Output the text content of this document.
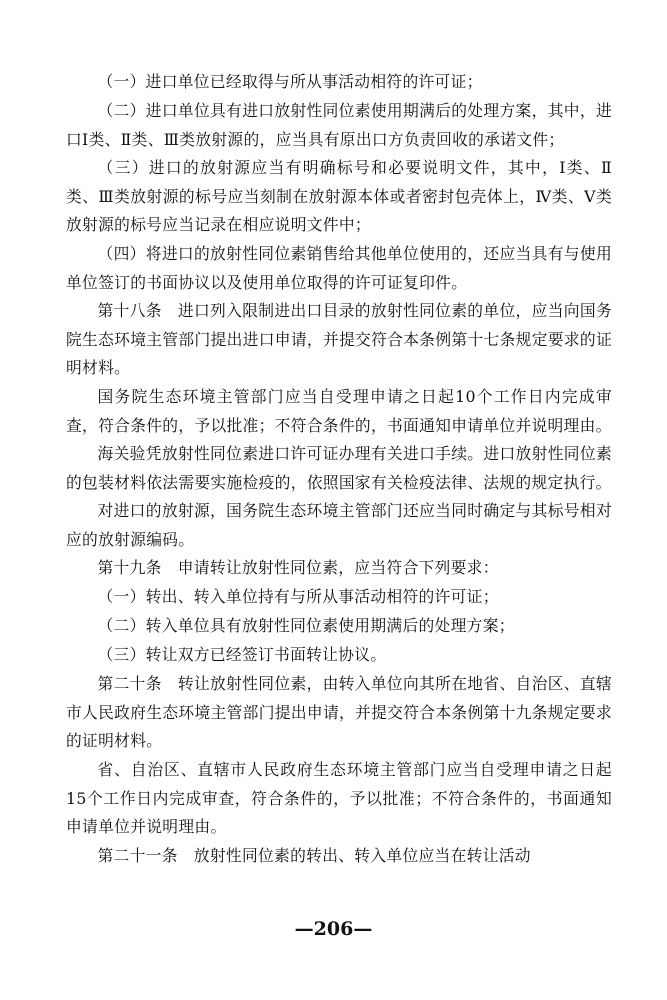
（一）进口单位已经取得与所从事活动相符的许可证；

（二）进口单位具有进口放射性同位素使用期满后的处理方案，其中，进口Ⅰ类、Ⅱ类、Ⅲ类放射源的，应当具有原出口方负责回收的承诺文件；

（三）进口的放射源应当有明确标号和必要说明文件，其中，Ⅰ类、Ⅱ类、Ⅲ类放射源的标号应当刻制在放射源本体或者密封包壳体上，Ⅳ类、Ⅴ类放射源的标号应当记录在相应说明文件中；

（四）将进口的放射性同位素销售给其他单位使用的，还应当具有与使用单位签订的书面协议以及使用单位取得的许可证复印件。

第十八条　进口列入限制进出口目录的放射性同位素的单位，应当向国务院生态环境主管部门提出进口申请，并提交符合本条例第十七条规定要求的证明材料。

国务院生态环境主管部门应当自受理申请之日起10个工作日内完成审查，符合条件的，予以批准；不符合条件的，书面通知申请单位并说明理由。

海关验凭放射性同位素进口许可证办理有关进口手续。进口放射性同位素的包装材料依法需要实施检疫的，依照国家有关检疫法律、法规的规定执行。

对进口的放射源，国务院生态环境主管部门还应当同时确定与其标号相对应的放射源编码。

第十九条　申请转让放射性同位素，应当符合下列要求：

（一）转出、转入单位持有与所从事活动相符的许可证；

（二）转入单位具有放射性同位素使用期满后的处理方案；

（三）转让双方已经签订书面转让协议。

第二十条　转让放射性同位素，由转入单位向其所在地省、自治区、直辖市人民政府生态环境主管部门提出申请，并提交符合本条例第十九条规定要求的证明材料。

省、自治区、直辖市人民政府生态环境主管部门应当自受理申请之日起15个工作日内完成审查，符合条件的，予以批准；不符合条件的，书面通知申请单位并说明理由。

第二十一条　放射性同位素的转出、转入单位应当在转让活动

—206—
